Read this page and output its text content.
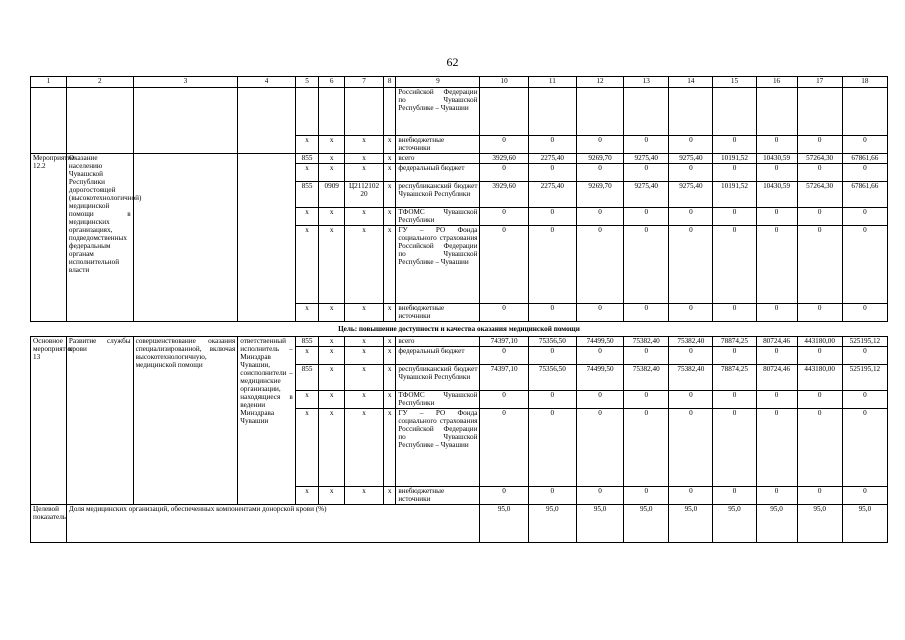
62
1	2	3	4	5	6	7	8	9	10	11	12	13	14	15	16	17	18
								Российской Федерации по Чувашской Республике – Чувашии									
				x	x	x	x	внебюджетные источники	0	0	0	0	0	0	0	0	0
Мероприятие 12.2	Оказание населению Чувашской Республики дорогостоящей (высокотехнологичной) медицинской помощи в медицинских организациях, подведомственных федеральным органам исполнительной власти			855	x	x	x	всего	3929,60	2275,40	9269,70	9275,40	9275,40	10191,52	10430,59	57264,30	67861,66
				x	x	x	x	федеральный бюджет	0	0	0	0	0	0	0	0	0
				855	0909	Ц2112102 20	x	республиканский бюджет Чувашской Республики	3929,60	2275,40	9269,70	9275,40	9275,40	10191,52	10430,59	57264,30	67861,66
				x	x	x	x	ТФОМС Чувашской Республики	0	0	0	0	0	0	0	0	0
				x	x	x	x	ГУ – РО Фонда социального страхования Российской Федерации по Чувашской Республике – Чувашии	0	0	0	0	0	0	0	0	0
				x	x	x	x	внебюджетные источники	0	0	0	0	0	0	0	0	0
Цель: повышение доступности и качества оказания медицинской помощи																	
Основное мероприятие 13	Развитие службы крови	совершенствование оказания специализированной, включая высокотехнологичную, медицинской помощи	ответственный исполнитель – Минздрав Чувашии, соисполнители – медицинские организации, находящиеся в ведении Минздрава Чувашии	855	x	x	x	всего	74397,10	75356,50	74499,50	75382,40	75382,40	78874,25	80724,46	443180,00	525195,12
				x	x	x	x	федеральный бюджет	0	0	0	0	0	0	0	0	0
				855	x	x	x	республиканский бюджет Чувашской Республики	74397,10	75356,50	74499,50	75382,40	75382,40	78874,25	80724,46	443180,00	525195,12
				x	x	x	x	ТФОМС Чувашской Республики	0	0	0	0	0	0	0	0	0
				x	x	x	x	ГУ – РО Фонда социального страхования Российской Федерации по Чувашской Республике – Чувашии	0	0	0	0	0	0	0	0	0
				x	x	x	x	внебюджетные источники	0	0	0	0	0	0	0	0	0
Целевой показатель	Доля медицинских организаций, обеспеченных компонентами донорской крови (%)								95,0	95,0	95,0	95,0	95,0	95,0	95,0	95,0	95,0
